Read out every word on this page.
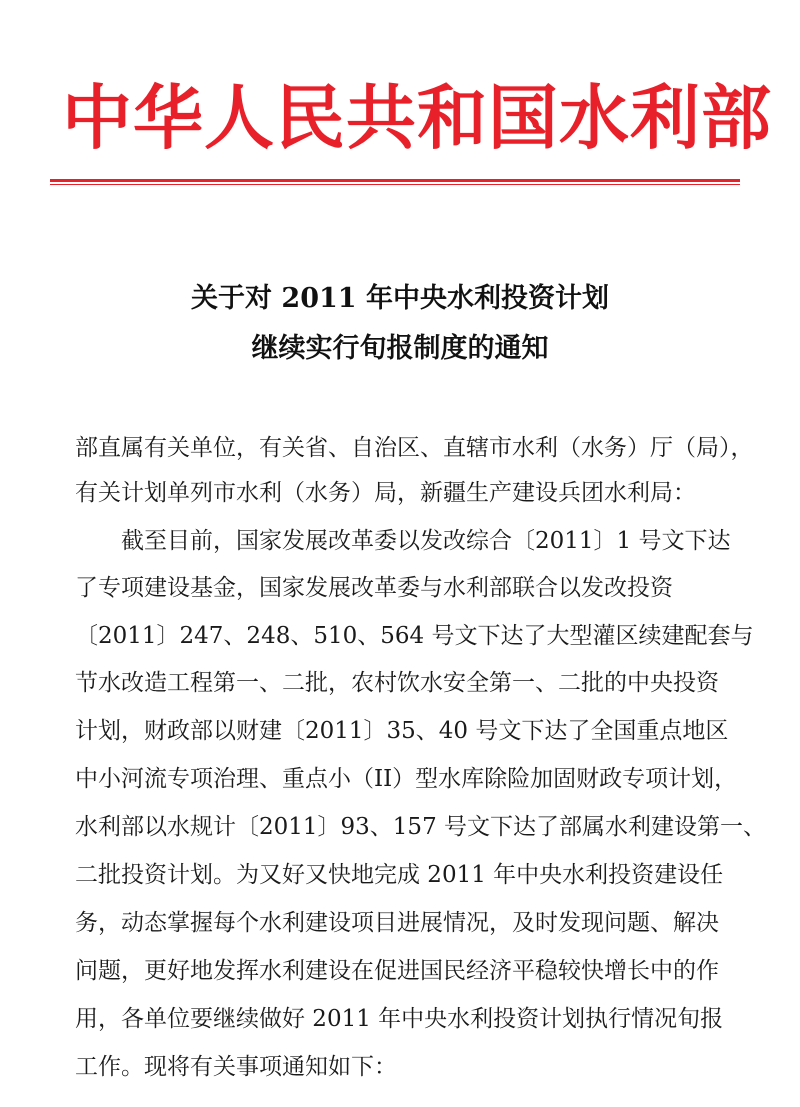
中华人民共和国水利部
关于对 2011 年中央水利投资计划
继续实行旬报制度的通知
部直属有关单位，有关省、自治区、直辖市水利（水务）厅（局），
有关计划单列市水利（水务）局，新疆生产建设兵团水利局：
　　截至目前，国家发展改革委以发改综合〔2011〕1 号文下达
了专项建设基金，国家发展改革委与水利部联合以发改投资
〔2011〕247、248、510、564 号文下达了大型灌区续建配套与
节水改造工程第一、二批，农村饮水安全第一、二批的中央投资
计划，财政部以财建〔2011〕35、40 号文下达了全国重点地区
中小河流专项治理、重点小（II）型水库除险加固财政专项计划，
水利部以水规计〔2011〕93、157 号文下达了部属水利建设第一、
二批投资计划。为又好又快地完成 2011 年中央水利投资建设任
务，动态掌握每个水利建设项目进展情况，及时发现问题、解决
问题，更好地发挥水利建设在促进国民经济平稳较快增长中的作
用，各单位要继续做好 2011 年中央水利投资计划执行情况旬报
工作。现将有关事项通知如下：
